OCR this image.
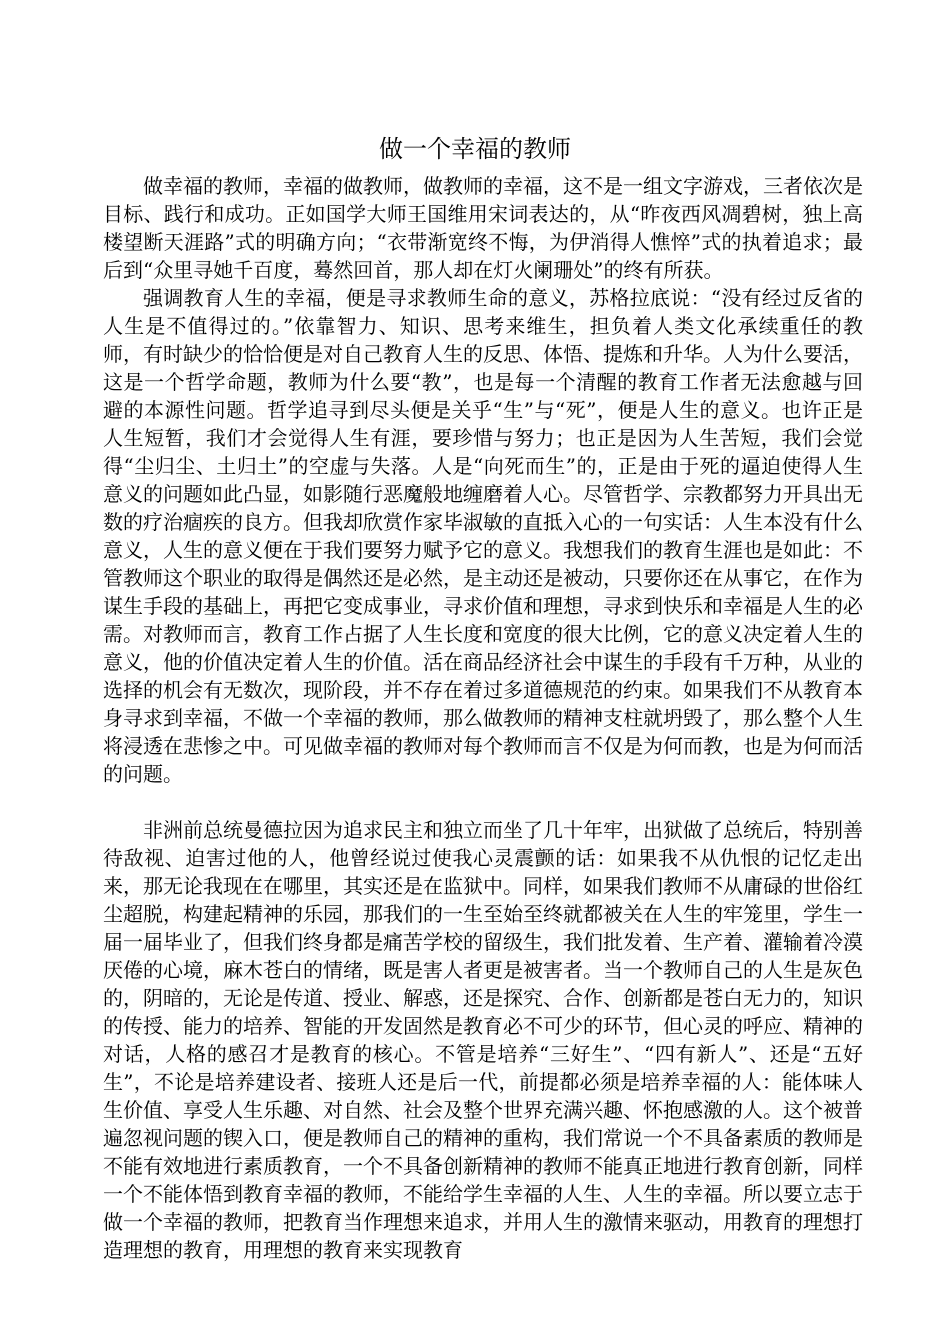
做一个幸福的教师

做幸福的教师，幸福的做教师，做教师的幸福，这不是一组文字游戏，三者依次是目标、践行和成功。正如国学大师王国维用宋词表达的，从“昨夜西风凋碧树，独上高楼望断天涯路”式的明确方向；“衣带渐宽终不悔，为伊消得人憔悴”式的执着追求；最后到“众里寻她千百度，蓦然回首，那人却在灯火阑珊处”的终有所获。

强调教育人生的幸福，便是寻求教师生命的意义，苏格拉底说：“没有经过反省的人生是不值得过的。”依靠智力、知识、思考来维生，担负着人类文化承续重任的教师，有时缺少的恰恰便是对自己教育人生的反思、体悟、提炼和升华。人为什么要活，这是一个哲学命题，教师为什么要“教”，也是每一个清醒的教育工作者无法愈越与回避的本源性问题。哲学追寻到尽头便是关乎“生”与“死”，便是人生的意义。也许正是人生短暂，我们才会觉得人生有涯，要珍惜与努力；也正是因为人生苦短，我们会觉得“尘归尘、土归土”的空虚与失落。人是“向死而生”的，正是由于死的逼迫使得人生意义的问题如此凸显，如影随行恶魔般地缠磨着人心。尽管哲学、宗教都努力开具出无数的疗治痼疾的良方。但我却欣赏作家毕淑敏的直抵入心的一句实话：人生本没有什么意义，人生的意义便在于我们要努力赋予它的意义。我想我们的教育生涯也是如此：不管教师这个职业的取得是偶然还是必然，是主动还是被动，只要你还在从事它，在作为谋生手段的基础上，再把它变成事业，寻求价值和理想，寻求到快乐和幸福是人生的必需。对教师而言，教育工作占据了人生长度和宽度的很大比例，它的意义决定着人生的意义，他的价值决定着人生的价值。活在商品经济社会中谋生的手段有千万种，从业的选择的机会有无数次，现阶段，并不存在着过多道德规范的约束。如果我们不从教育本身寻求到幸福，不做一个幸福的教师，那么做教师的精神支柱就坍毁了，那么整个人生将浸透在悲惨之中。可见做幸福的教师对每个教师而言不仅是为何而教，也是为何而活的问题。

非洲前总统曼德拉因为追求民主和独立而坐了几十年牢，出狱做了总统后，特别善待敌视、迫害过他的人，他曾经说过使我心灵震颤的话：如果我不从仇恨的记忆走出来，那无论我现在在哪里，其实还是在监狱中。同样，如果我们教师不从庸碌的世俗红尘超脱，构建起精神的乐园，那我们的一生至始至终就都被关在人生的牢笼里，学生一届一届毕业了，但我们终身都是痛苦学校的留级生，我们批发着、生产着、灌输着冷漠厌倦的心境，麻木苍白的情绪，既是害人者更是被害者。当一个教师自己的人生是灰色的，阴暗的，无论是传道、授业、解惑，还是探究、合作、创新都是苍白无力的，知识的传授、能力的培养、智能的开发固然是教育必不可少的环节，但心灵的呼应、精神的对话，人格的感召才是教育的核心。不管是培养“三好生”、“四有新人”、还是“五好生”，不论是培养建设者、接班人还是后一代，前提都必须是培养幸福的人：能体味人生价值、享受人生乐趣、对自然、社会及整个世界充满兴趣、怀抱感激的人。这个被普遍忽视问题的锲入口，便是教师自己的精神的重构，我们常说一个不具备素质的教师是不能有效地进行素质教育，一个不具备创新精神的教师不能真正地进行教育创新，同样一个不能体悟到教育幸福的教师，不能给学生幸福的人生、人生的幸福。所以要立志于做一个幸福的教师，把教育当作理想来追求，并用人生的激情来驱动，用教育的理想打造理想的教育，用理想的教育来实现教育
